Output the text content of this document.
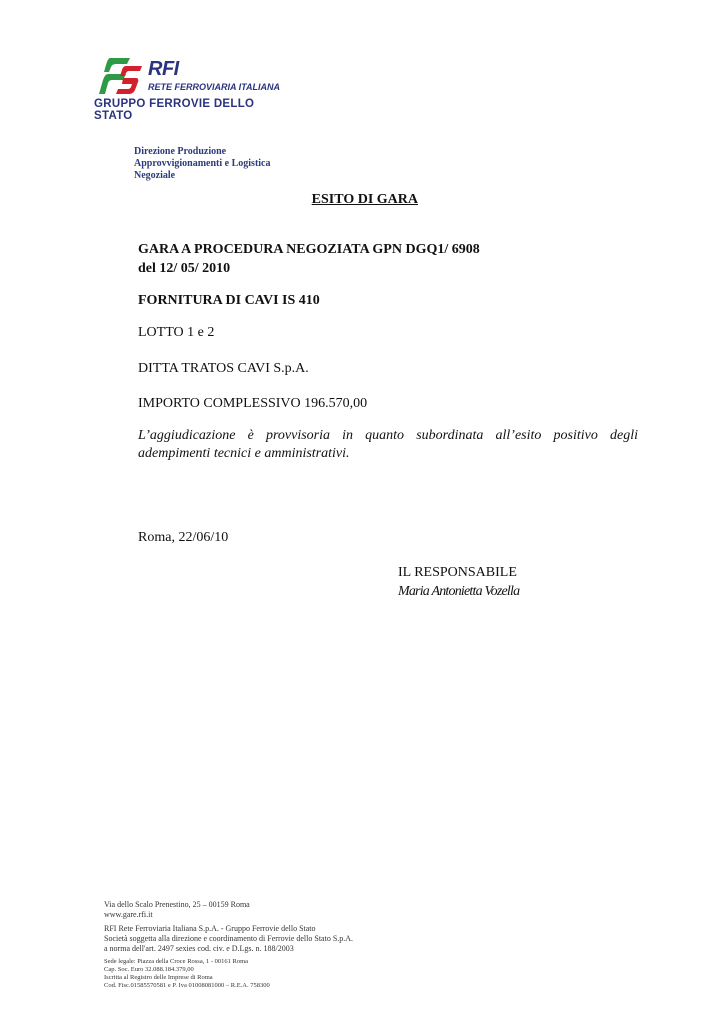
RFI
RETE FERROVIARIA ITALIANA
GRUPPO FERROVIE DELLO STATO
Direzione Produzione
Approvvigionamenti e Logistica
Negoziale
ESITO DI GARA
GARA A PROCEDURA NEGOZIATA GPN DGQ1/ 6908
del 12/ 05/ 2010
FORNITURA DI CAVI IS 410
LOTTO 1 e 2
DITTA TRATOS CAVI S.p.A.
IMPORTO COMPLESSIVO 196.570,00
L’aggiudicazione è provvisoria in quanto subordinata all’esito positivo degli adempimenti tecnici e amministrativi.
Roma, 22/06/10
IL RESPONSABILE
Maria Antonietta Vozella
Via dello Scalo Prenestino, 25 – 00159 Roma
www.gare.rfi.it
RFI Rete Ferroviaria Italiana S.p.A. - Gruppo Ferrovie dello Stato
Società soggetta alla direzione e coordinamento di Ferrovie dello Stato S.p.A.
a norma dell'art. 2497 sexies cod. civ. e D.Lgs. n. 188/2003
Sede legale: Piazza della Croce Rossa, 1 - 00161 Roma
Cap. Soc. Euro 32.088.184.379,00
Iscritta al Registro delle Imprese di Roma
Cod. Fisc.01585570581 e P. Iva 01008081000 – R.E.A. 758300
